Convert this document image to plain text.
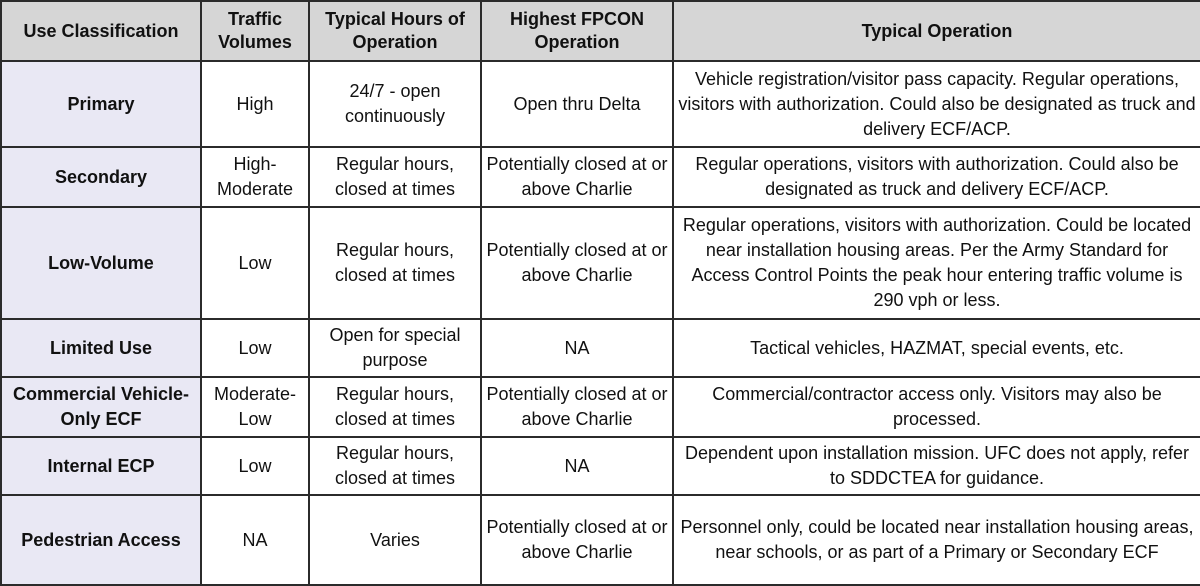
Use Classification	Traffic Volumes	Typical Hours of Operation	Highest FPCON Operation	Typical Operation
Primary	High	24/7 - open continuously	Open thru Delta	Vehicle registration/visitor pass capacity. Regular operations, visitors with authorization. Could also be designated as truck and delivery ECF/ACP.
Secondary	High-Moderate	Regular hours, closed at times	Potentially closed at or above Charlie	Regular operations, visitors with authorization. Could also be designated as truck and delivery ECF/ACP.
Low-Volume	Low	Regular hours, closed at times	Potentially closed at or above Charlie	Regular operations, visitors with authorization. Could be located near installation housing areas. Per the Army Standard for Access Control Points the peak hour entering traffic volume is 290 vph or less.
Limited Use	Low	Open for special purpose	NA	Tactical vehicles, HAZMAT, special events, etc.
Commercial Vehicle-Only ECF	Moderate-Low	Regular hours, closed at times	Potentially closed at or above Charlie	Commercial/contractor access only. Visitors may also be processed.
Internal ECP	Low	Regular hours, closed at times	NA	Dependent upon installation mission. UFC does not apply, refer to SDDCTEA for guidance.
Pedestrian Access	NA	Varies	Potentially closed at or above Charlie	Personnel only, could be located near installation housing areas, near schools, or as part of a Primary or Secondary ECF
